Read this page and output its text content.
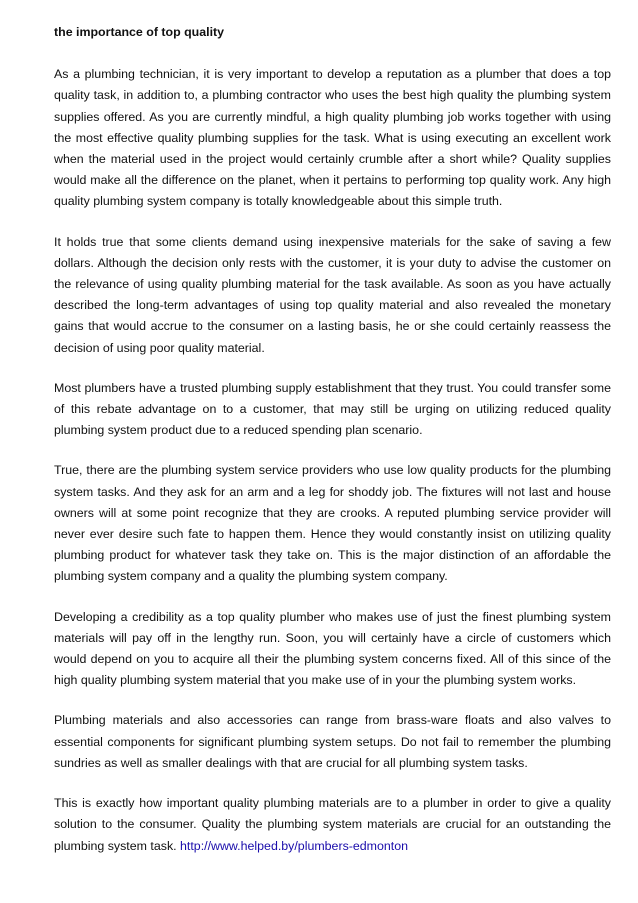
the importance of top quality

As a plumbing technician, it is very important to develop a reputation as a plumber that does a top quality task, in addition to, a plumbing contractor who uses the best high quality the plumbing system supplies offered. As you are currently mindful, a high quality plumbing job works together with using the most effective quality plumbing supplies for the task. What is using executing an excellent work when the material used in the project would certainly crumble after a short while? Quality supplies would make all the difference on the planet, when it pertains to performing top quality work. Any high quality plumbing system company is totally knowledgeable about this simple truth.

It holds true that some clients demand using inexpensive materials for the sake of saving a few dollars. Although the decision only rests with the customer, it is your duty to advise the customer on the relevance of using quality plumbing material for the task available. As soon as you have actually described the long-term advantages of using top quality material and also revealed the monetary gains that would accrue to the consumer on a lasting basis, he or she could certainly reassess the decision of using poor quality material.

Most plumbers have a trusted plumbing supply establishment that they trust. You could transfer some of this rebate advantage on to a customer, that may still be urging on utilizing reduced quality plumbing system product due to a reduced spending plan scenario.

True, there are the plumbing system service providers who use low quality products for the plumbing system tasks. And they ask for an arm and a leg for shoddy job. The fixtures will not last and house owners will at some point recognize that they are crooks. A reputed plumbing service provider will never ever desire such fate to happen them. Hence they would constantly insist on utilizing quality plumbing product for whatever task they take on. This is the major distinction of an affordable the plumbing system company and a quality the plumbing system company.

Developing a credibility as a top quality plumber who makes use of just the finest plumbing system materials will pay off in the lengthy run. Soon, you will certainly have a circle of customers which would depend on you to acquire all their the plumbing system concerns fixed. All of this since of the high quality plumbing system material that you make use of in your the plumbing system works.

Plumbing materials and also accessories can range from brass-ware floats and also valves to essential components for significant plumbing system setups. Do not fail to remember the plumbing sundries as well as smaller dealings with that are crucial for all plumbing system tasks.

This is exactly how important quality plumbing materials are to a plumber in order to give a quality solution to the consumer. Quality the plumbing system materials are crucial for an outstanding the plumbing system task. http://www.helped.by/plumbers-edmonton
